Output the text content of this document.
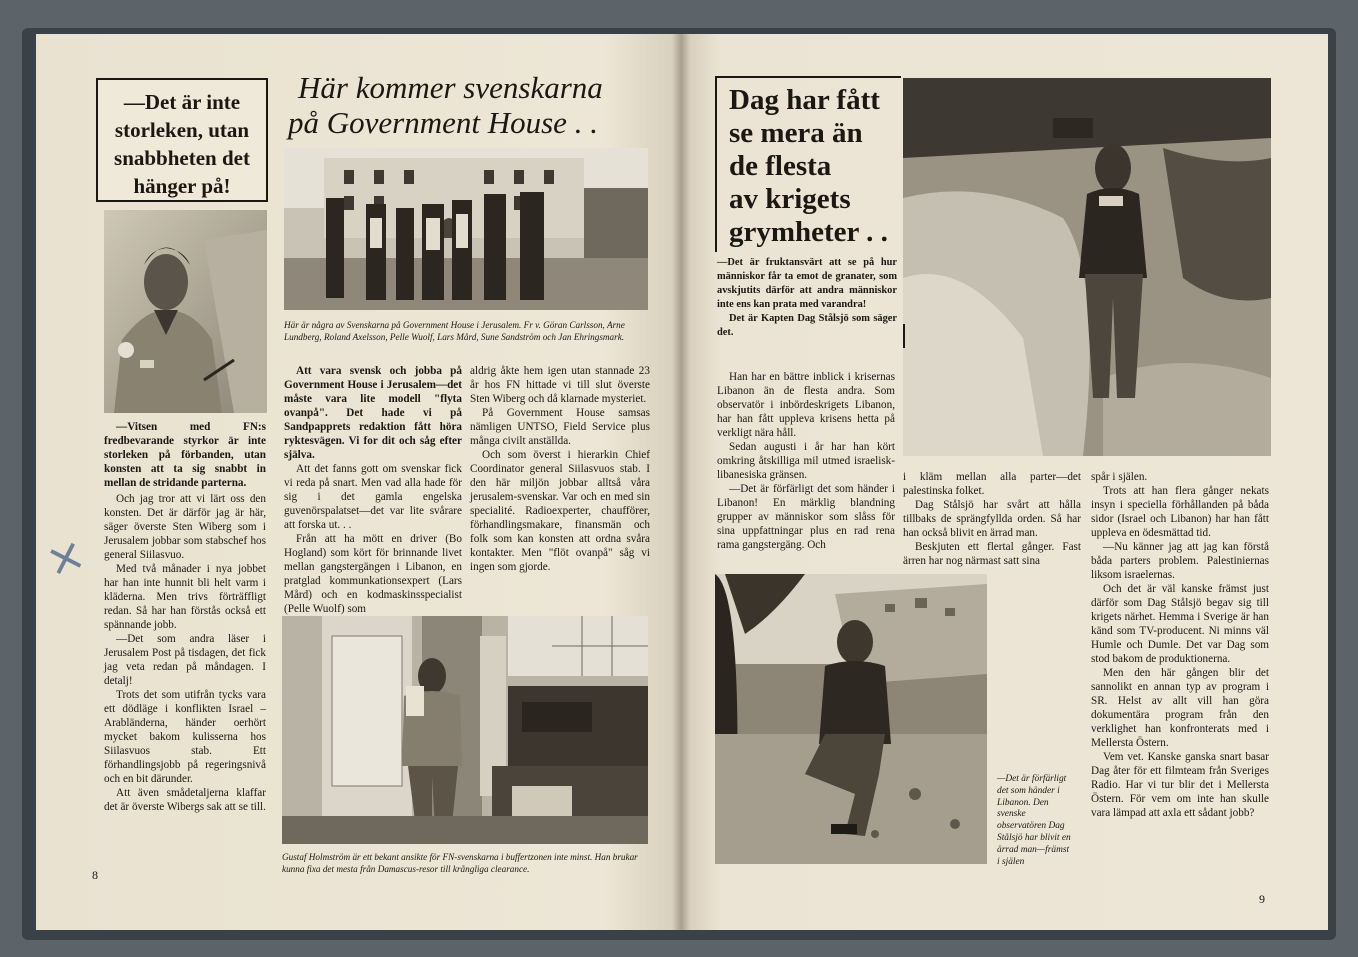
—Det är inte storleken, utan snabbheten det hänger på!
Här kommer svenskarna
på Government House . .
Här är några av Svenskarna på Government House i Jerusalem. Fr v. Göran Carlsson, Arne Lundberg, Roland Axelsson, Pelle Wuolf, Lars Mård, Sune Sandström och Jan Ehringsmark.

—Vitsen med FN:s fredbevarande styrkor är inte storleken på förbanden, utan konsten att ta sig snabbt in mellan de stridande parterna.

Och jag tror att vi lärt oss den konsten. Det är därför jag är här, säger överste Sten Wiberg som i Jerusalem jobbar som stabschef hos general Siilasvuo.

Med två månader i nya jobbet har han inte hunnit bli helt varm i kläderna. Men trivs förträffligt redan. Så har han förstås också ett spännande jobb.

—Det som andra läser i Jerusalem Post på tisdagen, det fick jag veta redan på måndagen. I detalj!

Trots det som utifrån tycks vara ett dödläge i konflikten Israel – Arabländerna, händer oerhört mycket bakom kulisserna hos Siilasvuos stab. Ett förhandlingsjobb på regeringsnivå och en bit därunder.

Att även smådetaljerna klaffar det är överste Wibergs sak att se till.

×

Att vara svensk och jobba på Government House i Jerusalem—det måste vara lite modell "flyta ovanpå". Det hade vi på Sandpapprets redaktion fått höra ryktesvägen. Vi for dit och såg efter själva.

Att det fanns gott om svenskar fick vi reda på snart. Men vad alla hade för sig i det gamla engelska guvenörspalatset—det var lite svårare att forska ut. . .

Från att ha mött en driver (Bo Hogland) som kört för brinnande livet mellan gangstergängen i Libanon, en pratglad kommunkationsexpert (Lars Mård) och en kodmaskinsspecialist (Pelle Wuolf) som

aldrig åkte hem igen utan stannade 23 år hos FN hittade vi till slut överste Sten Wiberg och då klarnade mysteriet.

På Government House samsas nämligen UNTSO, Field Service plus många civilt anställda.

Och som överst i hierarkin Chief Coordinator general Siilasvuos stab. I den här miljön jobbar alltså våra jerusalem-svenskar. Var och en med sin specialité. Radioexperter, chaufförer, förhandlingsmakare, finansmän och folk som kan konsten att ordna svåra kontakter. Men "flöt ovanpå" såg vi ingen som gjorde.

Gustaf Holmström är ett bekant ansikte för FN-svenskarna i buffertzonen inte minst. Han brukar kunna fixa det mesta från Damascus-resor till krångliga clearance.
8
Dag har fått
se mera än
de flesta
av krigets
grymheter . .

—Det är fruktansvärt att se på hur människor får ta emot de granater, som avskjutits därför att andra människor inte ens kan prata med varandra!

Det är Kapten Dag Stålsjö som säger det.

Han har en bättre inblick i krisernas Libanon än de flesta andra. Som observatör i inbördeskrigets Libanon, har han fått uppleva krisens hetta på verkligt nära håll.

Sedan augusti i år har han kört omkring åtskilliga mil utmed israelisk-libanesiska gränsen.

—Det är förfärligt det som händer i Libanon! En märklig blandning grupper av människor som slåss för sina uppfattningar plus en rad rena rama gangstergäng. Och

i kläm mellan alla parter—det palestinska folket.

Dag Stålsjö har svårt att hålla tillbaks de sprängfyllda orden. Så har han också blivit en ärrad man.

Beskjuten ett flertal gånger. Fast ärren har nog närmast satt sina

spår i själen.

Trots att han flera gånger nekats insyn i speciella förhållanden på båda sidor (Israel och Libanon) har han fått uppleva en ödesmättad tid.

—Nu känner jag att jag kan förstå båda parters problem. Palestiniernas liksom israelernas.

Och det är väl kanske främst just därför som Dag Stålsjö begav sig till krigets närhet. Hemma i Sverige är han känd som TV-producent. Ni minns väl Humle och Dumle. Det var Dag som stod bakom de produktionerna.

Men den här gången blir det sannolikt en annan typ av program i SR. Helst av allt vill han göra dokumentära program från den verklighet han konfronterats med i Mellersta Östern.

Vem vet. Kanske ganska snart basar Dag åter för ett filmteam från Sveriges Radio. Har vi tur blir det i Mellersta Östern. För vem om inte han skulle vara lämpad att axla ett sådant jobb?

—Det är förfärligt det som händer i Libanon. Den svenske observatören Dag Stålsjö har blivit en ärrad man—främst i själen
9
